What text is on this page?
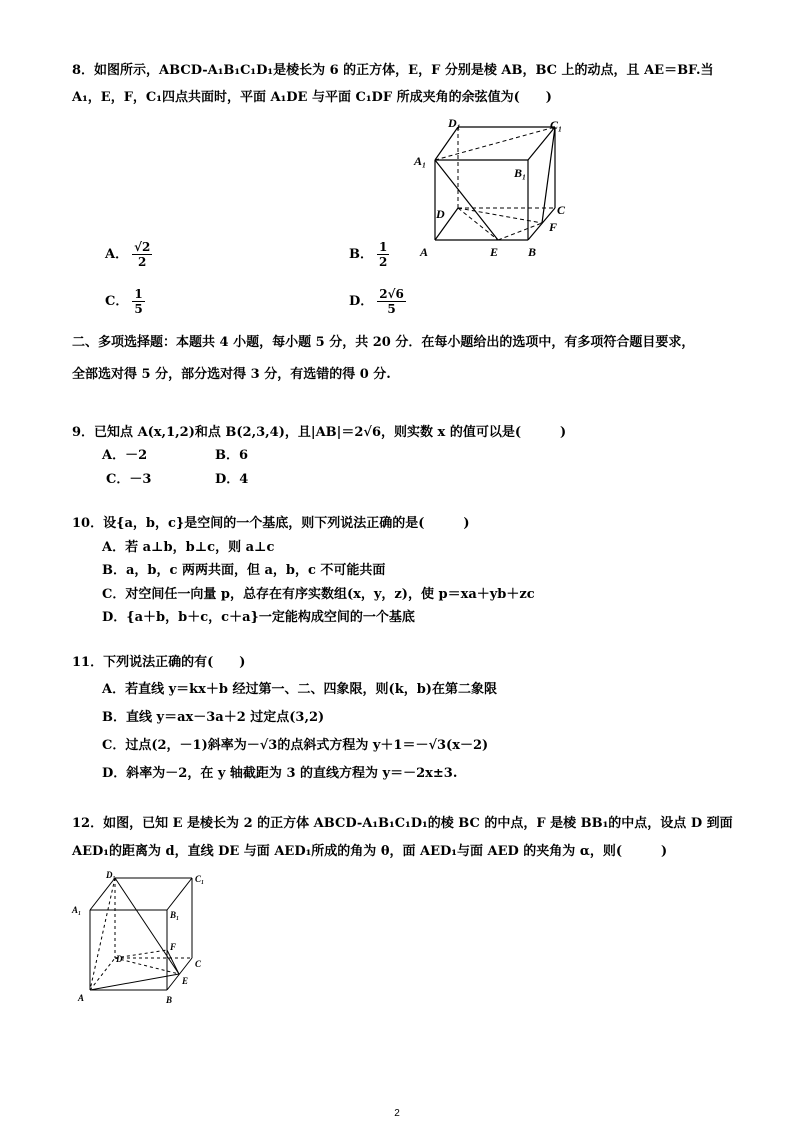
8．如图所示，ABCD-A₁B₁C₁D₁是棱长为 6 的正方体，E，F 分别是棱 AB，BC 上的动点，且 AE＝BF.当
A₁，E，F，C₁四点共面时，平面 A₁DE 与平面 C₁DF 所成夹角的余弦值为(　　)
D₁	C₁
A₁
B₁
D	C
F
A	E B
A． $\frac{√2}{2}$	B． $\frac{1}{2}$
C． $\frac{1}{5}$	D． $\frac{2√6}{5}$
二、多项选择题：本题共 4 小题，每小题 5 分，共 20 分．在每小题给出的选项中，有多项符合题目要求，
全部选对得 5 分，部分选对得 3 分，有选错的得 0 分.
9．已知点 A(x,1,2)和点 B(2,3,4)，且|AB|＝2√6，则实数 x 的值可以是(　　　)
A．－2	B．6
C．－3	D．4
10．设{a，b，c}是空间的一个基底，则下列说法正确的是(　　　)
A．若 a⊥b，b⊥c，则 a⊥c
B．a，b，c 两两共面，但 a，b，c 不可能共面
C．对空间任一向量 p，总存在有序实数组(x，y，z)，使 p＝xa＋yb＋zc
D．{a＋b，b＋c，c＋a}一定能构成空间的一个基底
11．下列说法正确的有(　　)
A．若直线 y＝kx＋b 经过第一、二、四象限，则(k，b)在第二象限
B．直线 y＝ax－3a＋2 过定点(3,2)
C．过点(2，－1)斜率为－√3的点斜式方程为 y＋1＝－√3(x－2)
D．斜率为－2，在 y 轴截距为 3 的直线方程为 y＝－2x±3.
12．如图，已知 E 是棱长为 2 的正方体 ABCD-A₁B₁C₁D₁的棱 BC 的中点，F 是棱 BB₁的中点，设点 D 到面
AED₁的距离为 d，直线 DE 与面 AED₁所成的角为 θ，面 AED₁与面 AED 的夹角为 α，则(　　　)
D₁	C₁
A₁	B₁
F
D	C
E
A	B
2
